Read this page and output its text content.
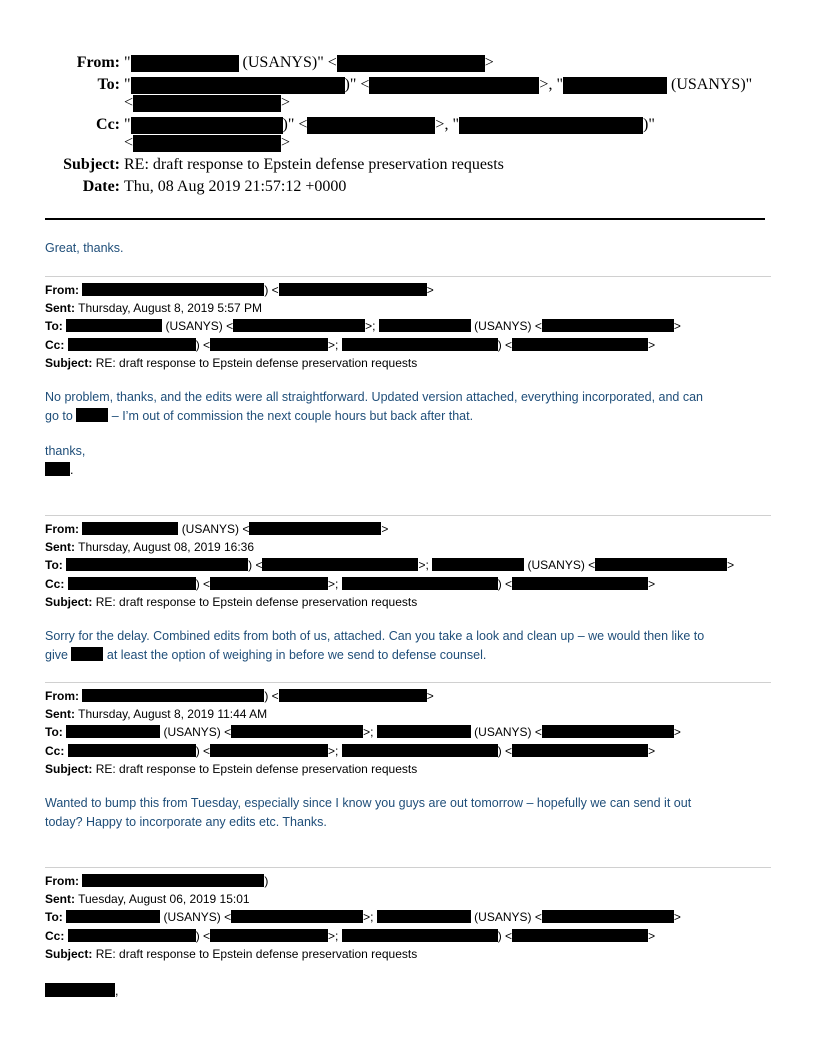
From: "	(USANYS)" <	>
To: "	)" <	>, "	(USANYS)"
<	>
Cc: "	)" <	>, "	)"
<	>
Subject: RE: draft response to Epstein defense preservation requests
Date: Thu, 08 Aug 2019 21:57:12 +0000
Great, thanks.
From:	) <	>
Sent: Thursday, August 8, 2019 5:57 PM
To:	(USANYS) <	>;	(USANYS) <	>
Cc:	) <	>;	) <	>
Subject: RE: draft response to Epstein defense preservation requests
No problem, thanks, and the edits were all straightforward. Updated version attached, everything incorporated, and can
go to	– I’m out of commission the next couple hours but back after that.
thanks,
.
From:	(USANYS) <	>
Sent: Thursday, August 08, 2019 16:36
To:	) <	>;	(USANYS) <	>
Cc:	) <	>;	) <	>
Subject: RE: draft response to Epstein defense preservation requests
Sorry for the delay. Combined edits from both of us, attached. Can you take a look and clean up – we would then like to
give	at least the option of weighing in before we send to defense counsel.
From:	) <	>
Sent: Thursday, August 8, 2019 11:44 AM
To:	(USANYS) <	>;	(USANYS) <	>
Cc:	) <	>;	) <	>
Subject: RE: draft response to Epstein defense preservation requests
Wanted to bump this from Tuesday, especially since I know you guys are out tomorrow – hopefully we can send it out
today? Happy to incorporate any edits etc. Thanks.
From:	)
Sent: Tuesday, August 06, 2019 15:01
To:	(USANYS) <	>;	(USANYS) <	>
Cc:	) <	>;	) <	>
Subject: RE: draft response to Epstein defense preservation requests
,
